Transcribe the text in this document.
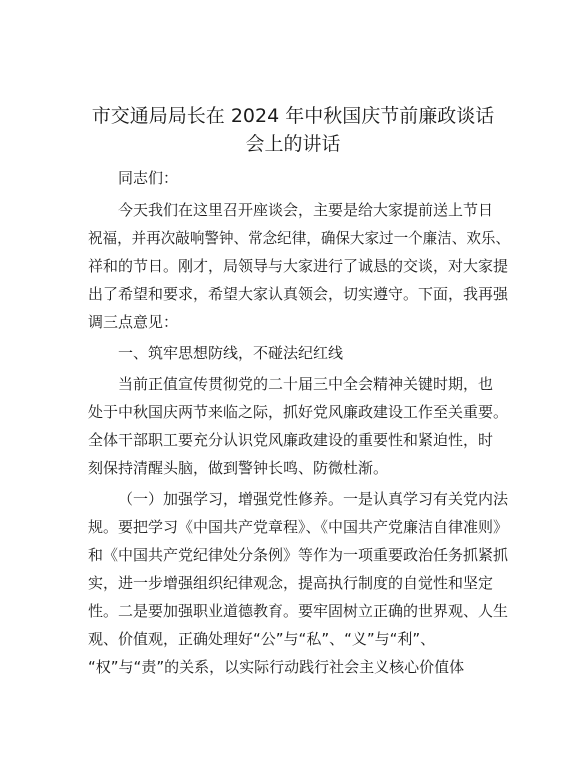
市交通局局长在 2024 年中秋国庆节前廉政谈话
会上的讲话
同志们：
今天我们在这里召开座谈会，主要是给大家提前送上节日
祝福，并再次敲响警钟、常念纪律，确保大家过一个廉洁、欢乐、
祥和的节日。刚才，局领导与大家进行了诚恳的交谈，对大家提
出了希望和要求，希望大家认真领会，切实遵守。下面，我再强
调三点意见：
一、筑牢思想防线，不碰法纪红线
当前正值宣传贯彻党的二十届三中全会精神关键时期，也
处于中秋国庆两节来临之际，抓好党风廉政建设工作至关重要。
全体干部职工要充分认识党风廉政建设的重要性和紧迫性，时
刻保持清醒头脑，做到警钟长鸣、防微杜渐。
（一）加强学习，增强党性修养。一是认真学习有关党内法
规。要把学习《中国共产党章程》、《中国共产党廉洁自律准则》
和《中国共产党纪律处分条例》等作为一项重要政治任务抓紧抓
实，进一步增强组织纪律观念，提高执行制度的自觉性和坚定
性。二是要加强职业道德教育。要牢固树立正确的世界观、人生
观、价值观，正确处理好“公”与“私”、“义”与“利”、
“权”与“责”的关系，以实际行动践行社会主义核心价值体
